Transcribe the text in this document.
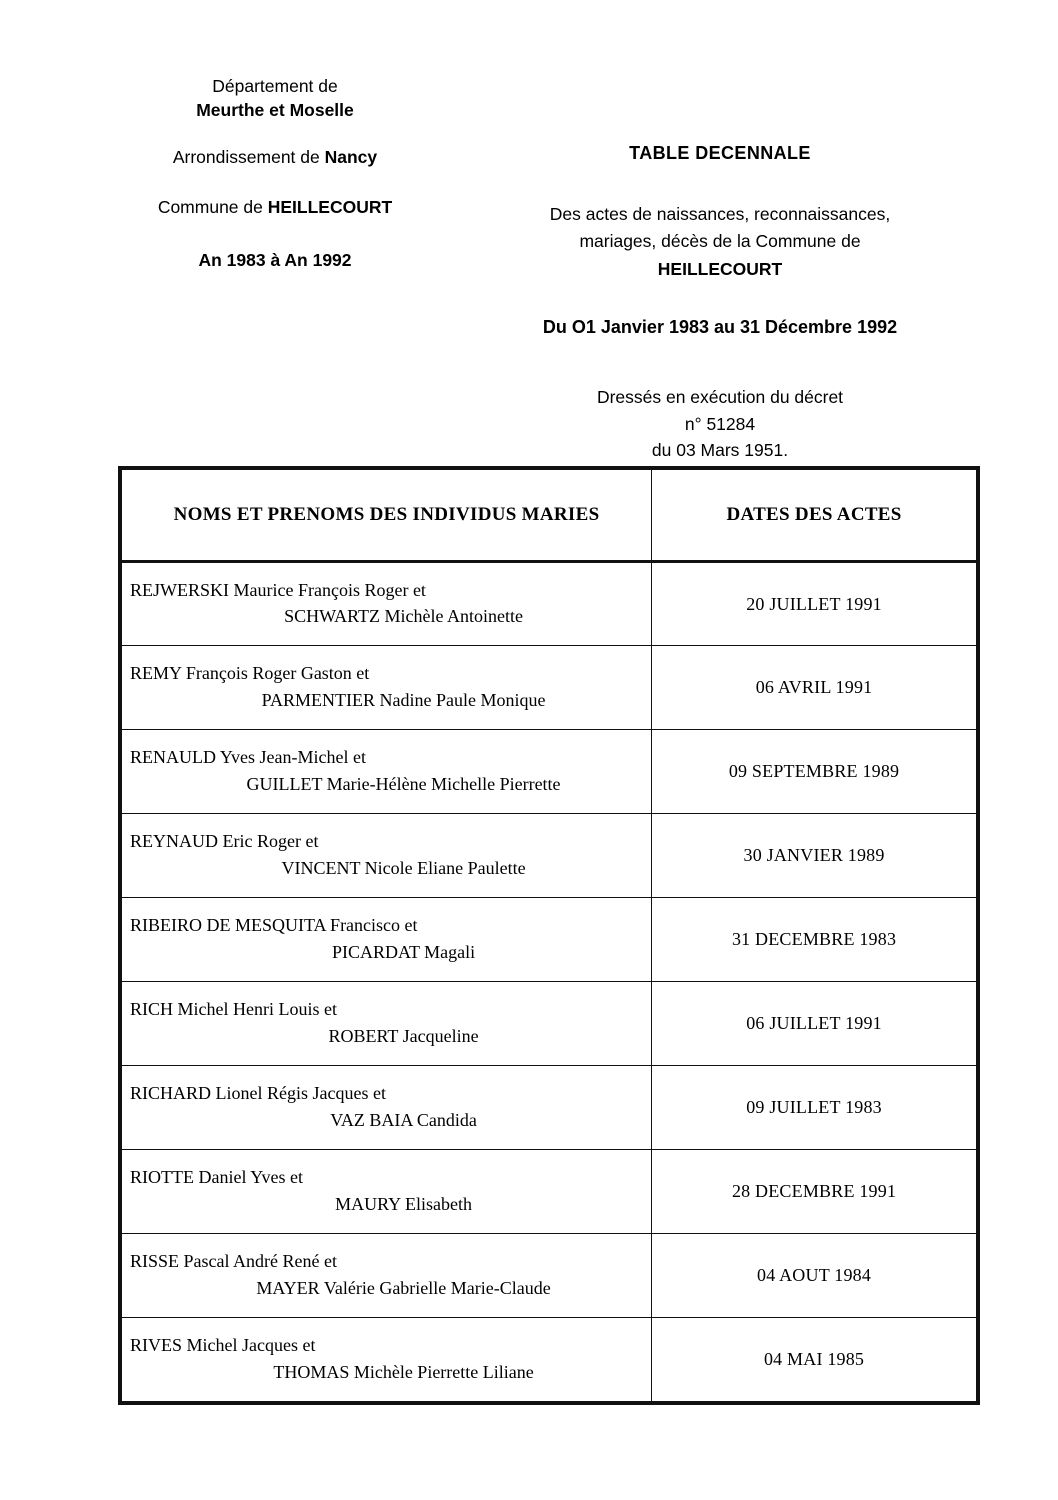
Département de
Meurthe et Moselle
Arrondissement de Nancy
Commune de HEILLECOURT
An 1983 à An 1992
TABLE DECENNALE
Des actes de naissances, reconnaissances,
mariages, décès de la Commune de
HEILLECOURT
Du O1 Janvier 1983 au 31 Décembre 1992
Dressés en exécution du décret
n° 51284
du 03 Mars 1951.
NOMS ET PRENOMS DES INDIVIDUS MARIES	DATES DES ACTES

REJWERSKI Maurice François Roger et
SCHWARTZ Michèle Antoinette	20 JUILLET 1991

REMY François Roger Gaston et
PARMENTIER Nadine Paule Monique	06 AVRIL 1991

RENAULD Yves Jean-Michel et
GUILLET Marie-Hélène Michelle Pierrette	09 SEPTEMBRE 1989

REYNAUD Eric Roger et
VINCENT Nicole Eliane Paulette	30 JANVIER 1989

RIBEIRO DE MESQUITA Francisco et
PICARDAT Magali	31 DECEMBRE 1983

RICH Michel Henri Louis et
ROBERT Jacqueline	06 JUILLET 1991

RICHARD Lionel Régis Jacques et
VAZ BAIA Candida	09 JUILLET 1983

RIOTTE Daniel Yves et
MAURY Elisabeth	28 DECEMBRE 1991

RISSE Pascal André René et
MAYER Valérie Gabrielle Marie-Claude	04 AOUT 1984

RIVES Michel Jacques et
THOMAS Michèle Pierrette Liliane	04 MAI 1985
